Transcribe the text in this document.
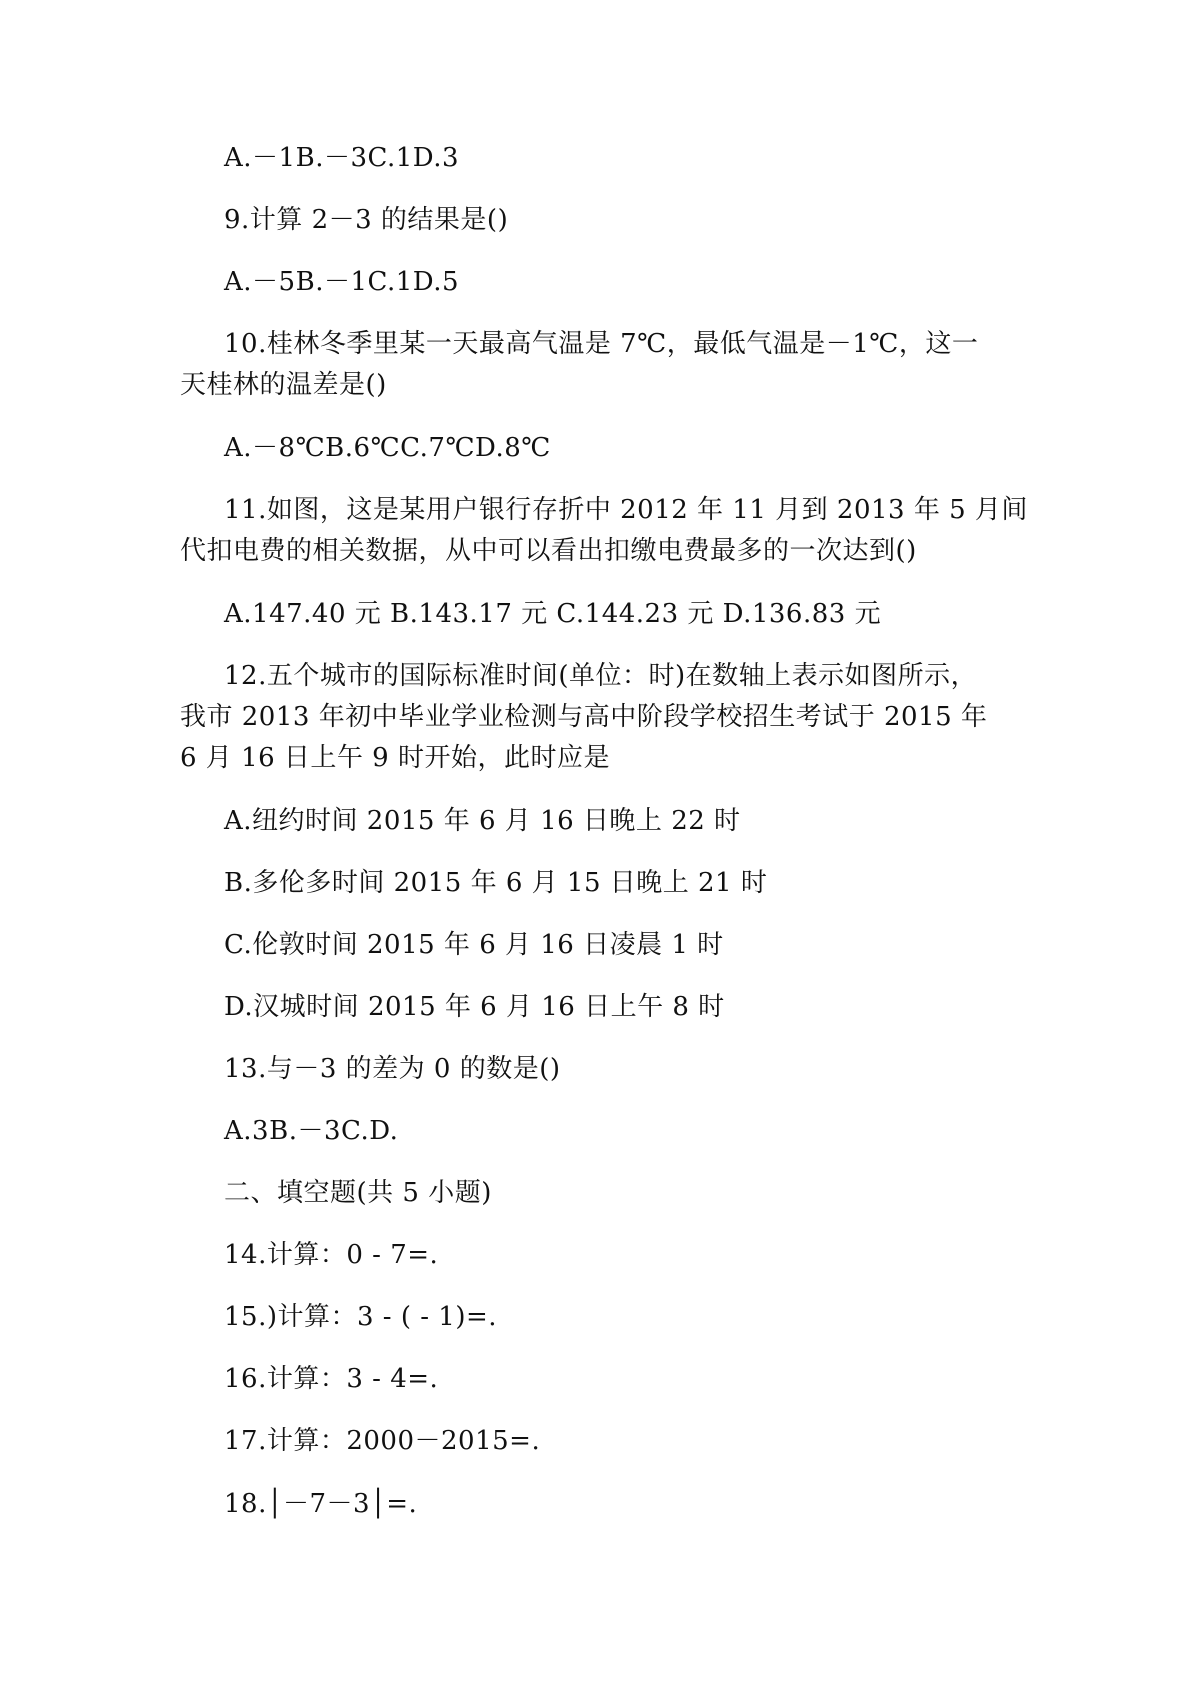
A.－1B.－3C.1D.3
9.计算 2－3 的结果是()
A.－5B.－1C.1D.5
10.桂林冬季里某一天最高气温是 7℃，最低气温是－1℃，这一
天桂林的温差是()
A.－8℃B.6℃C.7℃D.8℃
11.如图，这是某用户银行存折中 2012 年 11 月到 2013 年 5 月间
代扣电费的相关数据，从中可以看出扣缴电费最多的一次达到()
A.147.40 元 B.143.17 元 C.144.23 元 D.136.83 元
12.五个城市的国际标准时间(单位：时)在数轴上表示如图所示，
我市 2013 年初中毕业学业检测与高中阶段学校招生考试于 2015 年
6 月 16 日上午 9 时开始，此时应是
A.纽约时间 2015 年 6 月 16 日晚上 22 时
B.多伦多时间 2015 年 6 月 15 日晚上 21 时
C.伦敦时间 2015 年 6 月 16 日凌晨 1 时
D.汉城时间 2015 年 6 月 16 日上午 8 时
13.与－3 的差为 0 的数是()
A.3B.－3C.D.
二、填空题(共 5 小题)
14.计算：0 - 7=.
15.)计算：3 - ( - 1)=.
16.计算：3 - 4=.
17.计算：2000－2015=.
18.│－7－3│=.
